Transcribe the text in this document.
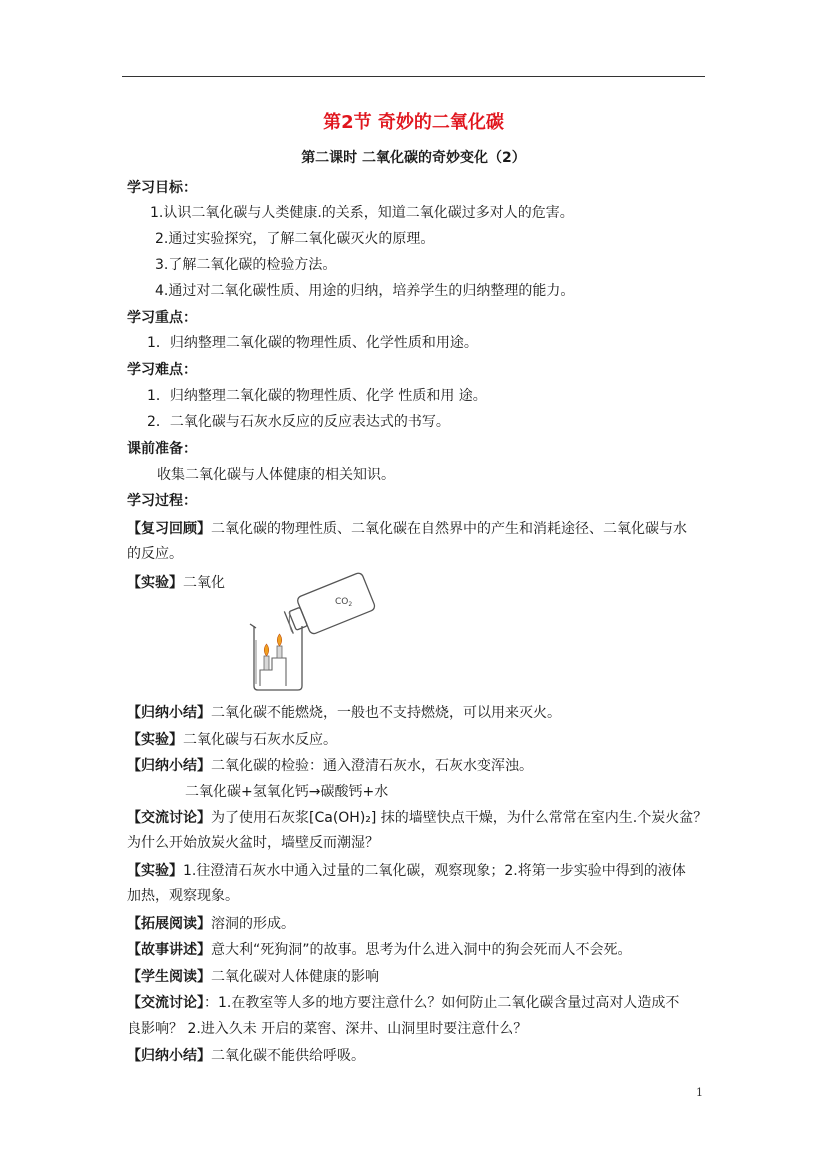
第2节 奇妙的二氧化碳
第二课时 二氧化碳的奇妙变化（2）
学习目标：
1.认识二氧化碳与人类健康.的关系，知道二氧化碳过多对人的危害。
2.通过实验探究，了解二氧化碳灭火的原理。
3.了解二氧化碳的检验方法。
4.通过对二氧化碳性质、用途的归纳，培养学生的归纳整理的能力。
学习重点：
1．归纳整理二氧化碳的物理性质、化学性质和用途。
学习难点：
1．归纳整理二氧化碳的物理性质、化学 性质和用 途。
2．二氧化碳与石灰水反应的反应表达式的书写。
课前准备：
收集二氧化碳与人体健康的相关知识。
学习过程：
【复习回顾】二氧化碳的物理性质、二氧化碳在自然界中的产生和消耗途径、二氧化碳与水
的反应。
【实验】二氧化
$CO_2$
【归纳小结】二氧化碳不能燃烧，一般也不支持燃烧，可以用来灭火。
【实验】二氧化碳与石灰水反应。
【归纳小结】二氧化碳的检验：通入澄清石灰水，石灰水变浑浊。
二氧化碳+氢氧化钙→碳酸钙+水
【交流讨论】为了使用石灰浆[Ca(OH)₂] 抹的墙壁快点干燥，为什么常常在室内生.个炭火盆？
为什么开始放炭火盆时，墙壁反而潮湿？
【实验】1.往澄清石灰水中通入过量的二氧化碳，观察现象；2.将第一步实验中得到的液体
加热，观察现象。
【拓展阅读】溶洞的形成。
【故事讲述】意大利“死狗洞”的故事。思考为什么进入洞中的狗会死而人不会死。
【学生阅读】二氧化碳对人体健康的影响
【交流讨论】：1.在教室等人多的地方要注意什么？如何防止二氧化碳含量过高对人造成不
良影响？ 2.进入久未 开启的菜窖、深井、山洞里时要注意什么？
【归纳小结】二氧化碳不能供给呼吸。
1
